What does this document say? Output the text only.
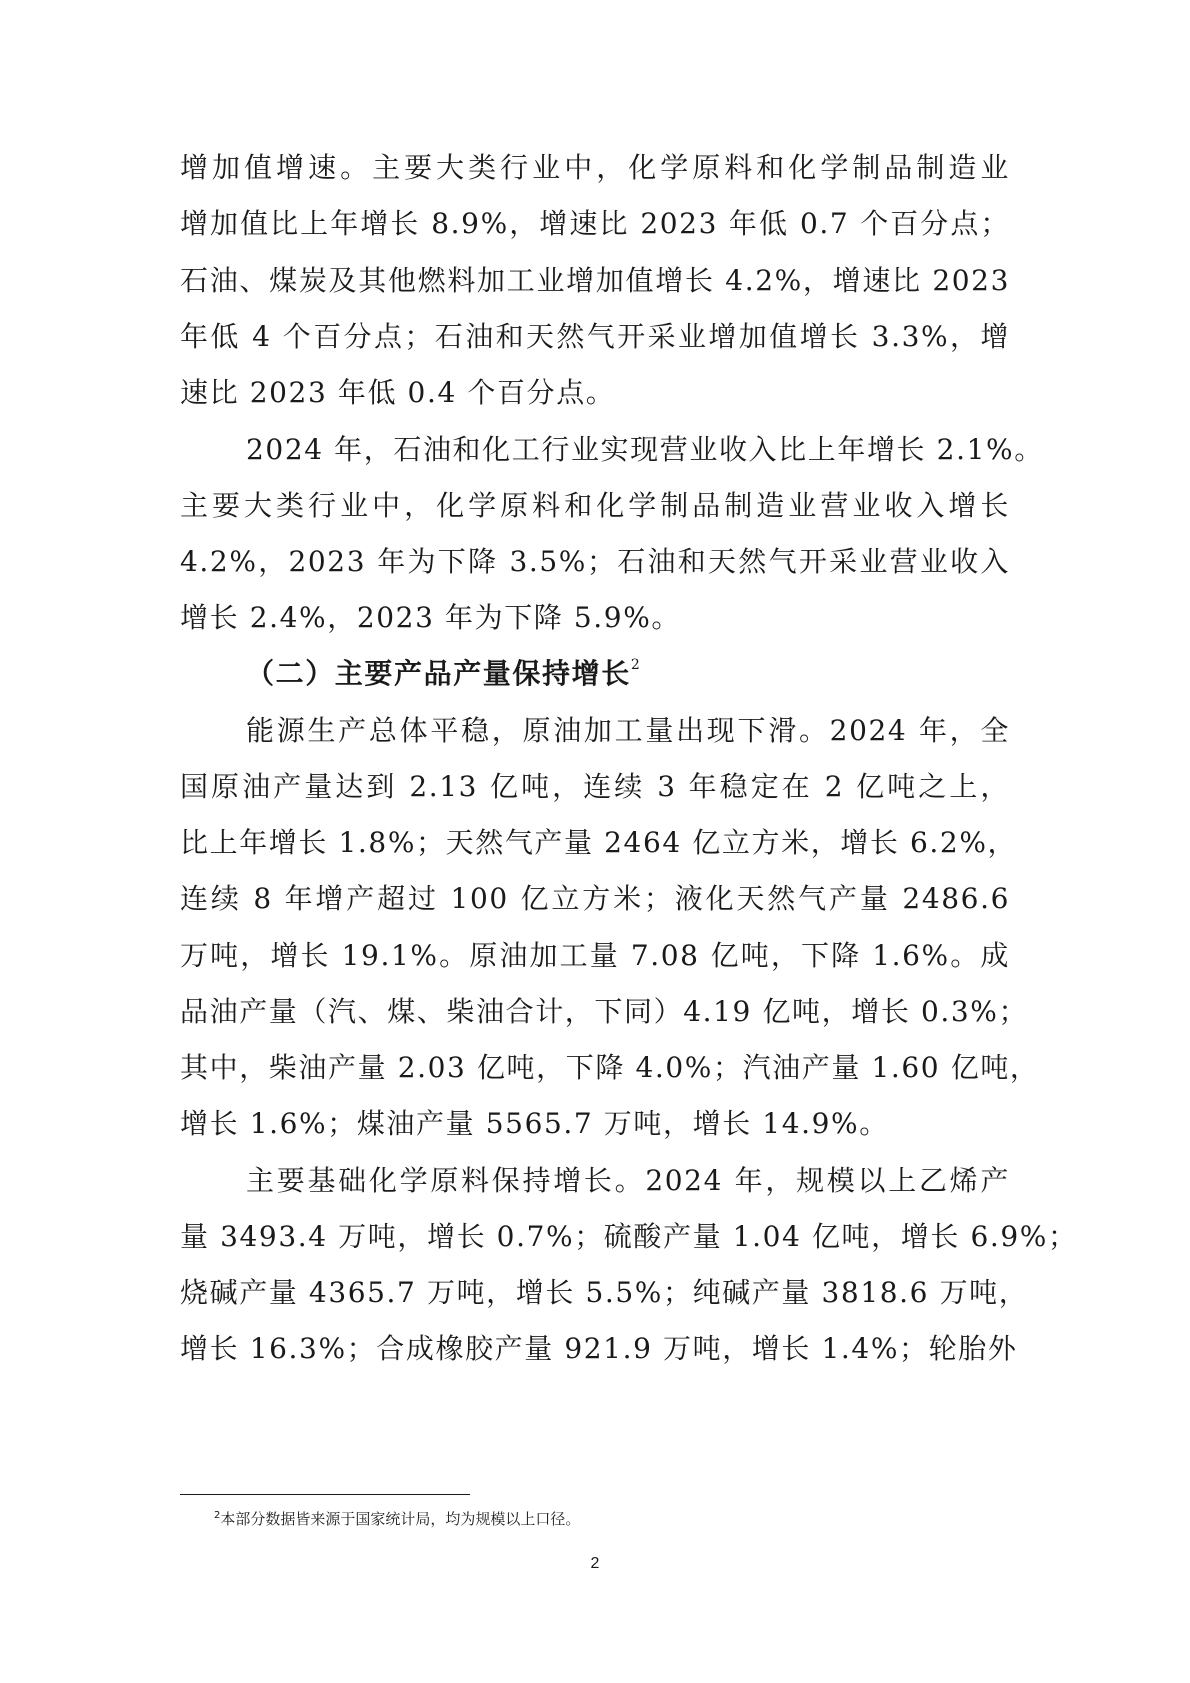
增加值增速。主要大类行业中，化学原料和化学制品制造业
增加值比上年增长 8.9%，增速比 2023 年低 0.7 个百分点；
石油、煤炭及其他燃料加工业增加值增长 4.2%，增速比 2023
年低 4 个百分点；石油和天然气开采业增加值增长 3.3%，增
速比 2023 年低 0.4 个百分点。
2024 年，石油和化工行业实现营业收入比上年增长 2.1%。
主要大类行业中，化学原料和化学制品制造业营业收入增长
4.2%，2023 年为下降 3.5%；石油和天然气开采业营业收入
增长 2.4%，2023 年为下降 5.9%。
（二）主要产品产量保持增长$^2$
能源生产总体平稳，原油加工量出现下滑。2024 年，全
国原油产量达到 2.13 亿吨，连续 3 年稳定在 2 亿吨之上，
比上年增长 1.8%；天然气产量 2464 亿立方米，增长 6.2%，
连续 8 年增产超过 100 亿立方米；液化天然气产量 2486.6
万吨，增长 19.1%。原油加工量 7.08 亿吨，下降 1.6%。成
品油产量（汽、煤、柴油合计，下同）4.19 亿吨，增长 0.3%；
其中，柴油产量 2.03 亿吨，下降 4.0%；汽油产量 1.60 亿吨，
增长 1.6%；煤油产量 5565.7 万吨，增长 14.9%。
主要基础化学原料保持增长。2024 年，规模以上乙烯产
量 3493.4 万吨，增长 0.7%；硫酸产量 1.04 亿吨，增长 6.9%；
烧碱产量 4365.7 万吨，增长 5.5%；纯碱产量 3818.6 万吨，
增长 16.3%；合成橡胶产量 921.9 万吨，增长 1.4%；轮胎外
$^2$本部分数据皆来源于国家统计局，均为规模以上口径。
2
